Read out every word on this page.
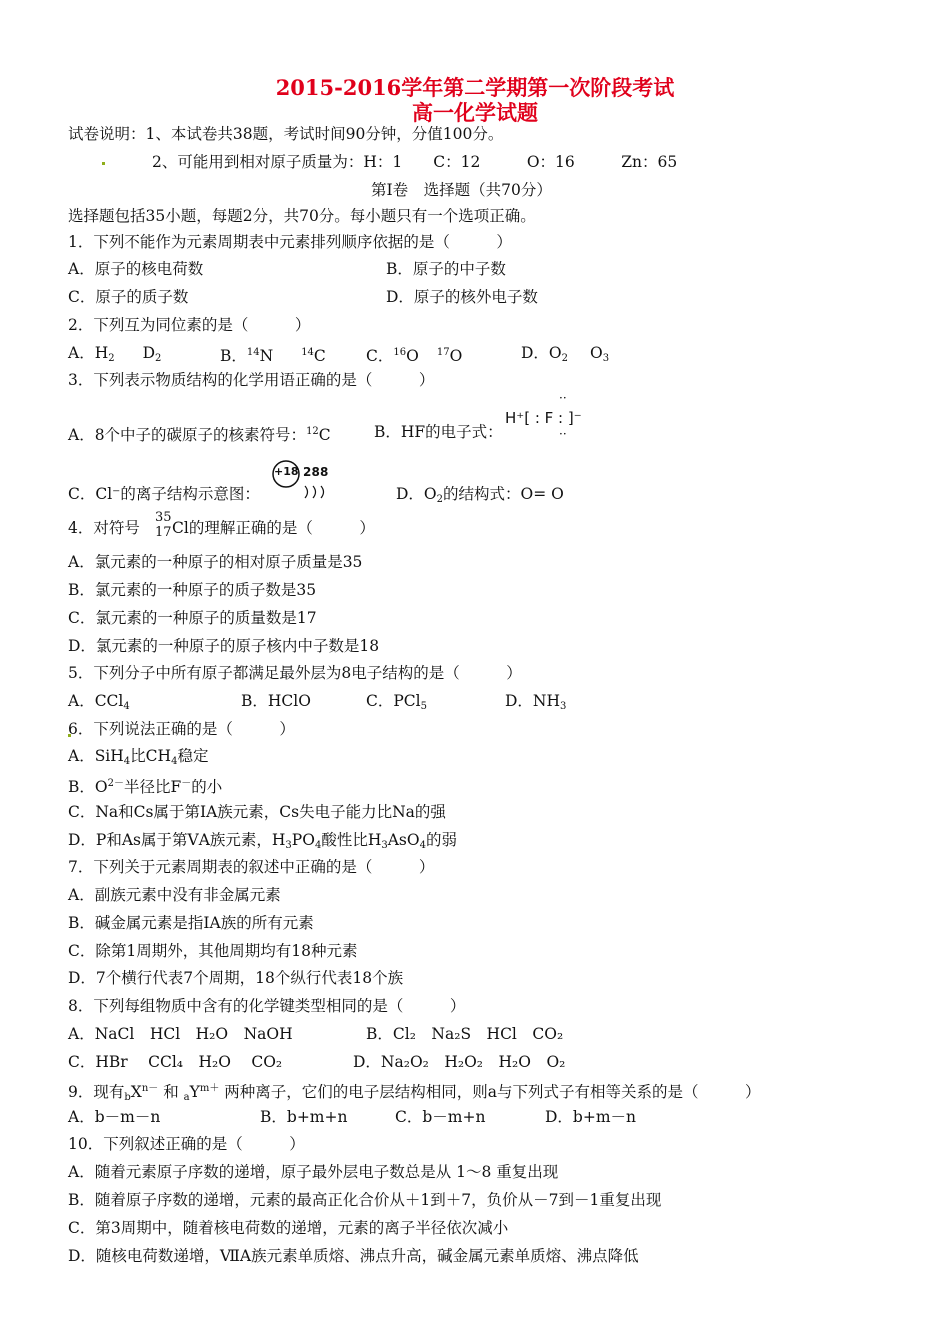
2015-2016学年第二学期第一次阶段考试
高一化学试题
试卷说明：1、本试卷共38题，考试时间90分钟，分值100分。
2、可能用到相对原子质量为：H：1　　C：12　　　O：16　　　Zn：65
第Ⅰ卷　选择题（共70分）
选择题包括35小题，每题2分，共70分。每小题只有一个选项正确。
1．下列不能作为元素周期表中元素排列顺序依据的是（　　　）
A．原子的核电荷数	B．原子的中子数
C．原子的质子数	D．原子的核外电子数
2．下列互为同位素的是（　　　）
A．$H_2$ $D_2$	B．$^{14}$N	$^{14}$C	C．$^{16}$O $^{17}$O	D．$O_2$ $O_3$
3．下列表示物质结构的化学用语正确的是（　　　）
A．8个中子的碳原子的核素符号：$^{12}$C	B．HF的电子式：
H⁺[ : F : ]⁻
··
··
C．Cl⁻的离子结构示意图：
+18 2 8 8
D．$O_2$的结构式：O= O
4．对符号
35
17 Cl的理解正确的是（　　　）
A．氯元素的一种原子的相对原子质量是35
B．氯元素的一种原子的质子数是35
C．氯元素的一种原子的质量数是17
D．氯元素的一种原子的原子核内中子数是18
5．下列分子中所有原子都满足最外层为8电子结构的是（　　　）
A．CCl$_4$	B．HClO	C．PCl$_5$	D．$NH_3$
6．下列说法正确的是（　　　）
A．SiH$_4$比$CH_4$稳定
B．$O^{2-}$半径比F－的小
C．Na和Cs属于第ⅠA族元素，Cs失电子能力比Na的强
D．P和As属于第ⅤA族元素，$H_3PO_4$酸性比$H_3AsO_4$的弱
7．下列关于元素周期表的叙述中正确的是（　　　）
A．副族元素中没有非金属元素
B．碱金属元素是指ⅠA族的所有元素
C．除第1周期外，其他周期均有18种元素
D．7个横行代表7个周期，18个纵行代表18个族
8．下列每组物质中含有的化学键类型相同的是（　　　）
A．NaCl　HCl　H₂O　NaOH	B．Cl₂　Na₂S　HCl　CO₂
C．HBr　 CCl₄　H₂O　 CO₂	D．Na₂O₂　H₂O₂　H₂O　O₂
9．现有$_bX^{n-}$ 和 $_aY^{m+}$ 两种离子，它们的电子层结构相同，则a与下列式子有相等关系的是（　　　）
A．b－m－n	B．b+m+n	C．b－m+n	D．b+m－n
10．下列叙述正确的是（　　　）
A．随着元素原子序数的递增，原子最外层电子数总是从 1～8 重复出现
B．随着原子序数的递增，元素的最高正化合价从＋1到＋7，负价从－7到－1重复出现
C．第3周期中，随着核电荷数的递增，元素的离子半径依次减小
D．随核电荷数递增，ⅦA族元素单质熔、沸点升高，碱金属元素单质熔、沸点降低
